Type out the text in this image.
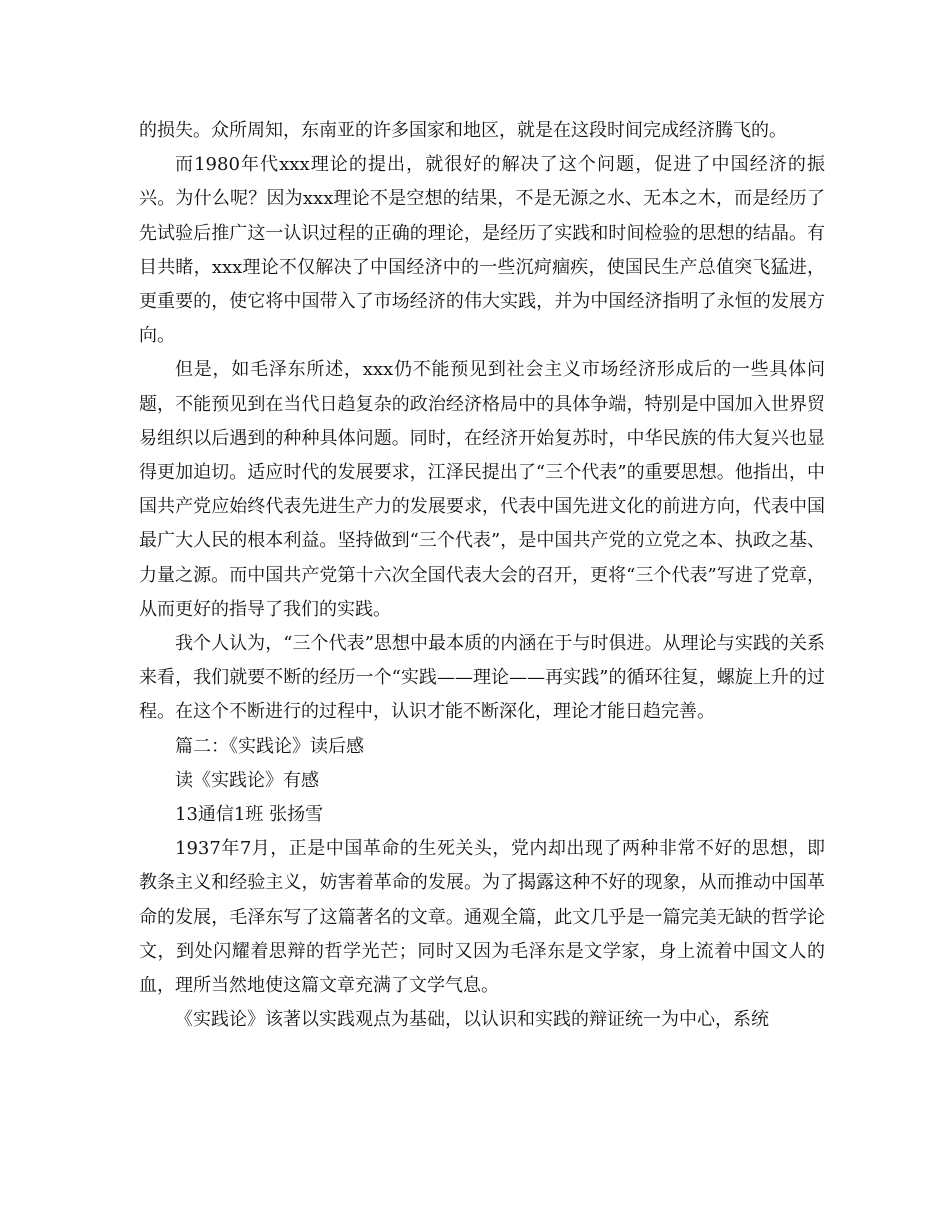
的损失。众所周知，东南亚的许多国家和地区，就是在这段时间完成经济腾飞的。

而1980年代xxx理论的提出，就很好的解决了这个问题，促进了中国经济的振兴。为什么呢？因为xxx理论不是空想的结果，不是无源之水、无本之木，而是经历了先试验后推广这一认识过程的正确的理论，是经历了实践和时间检验的思想的结晶。有目共睹，xxx理论不仅解决了中国经济中的一些沉疴痼疾，使国民生产总值突飞猛进，更重要的，使它将中国带入了市场经济的伟大实践，并为中国经济指明了永恒的发展方向。

但是，如毛泽东所述，xxx仍不能预见到社会主义市场经济形成后的一些具体问题，不能预见到在当代日趋复杂的政治经济格局中的具体争端，特别是中国加入世界贸易组织以后遇到的种种具体问题。同时，在经济开始复苏时，中华民族的伟大复兴也显得更加迫切。适应时代的发展要求，江泽民提出了“三个代表”的重要思想。他指出，中国共产党应始终代表先进生产力的发展要求，代表中国先进文化的前进方向，代表中国最广大人民的根本利益。坚持做到“三个代表”，是中国共产党的立党之本、执政之基、力量之源。而中国共产党第十六次全国代表大会的召开，更将“三个代表”写进了党章，从而更好的指导了我们的实践。

我个人认为，“三个代表”思想中最本质的内涵在于与时俱进。从理论与实践的关系来看，我们就要不断的经历一个“实践——理论——再实践”的循环往复，螺旋上升的过程。在这个不断进行的过程中，认识才能不断深化，理论才能日趋完善。

篇二：《实践论》读后感

读《实践论》有感

13通信1班 张扬雪

1937年7月，正是中国革命的生死关头，党内却出现了两种非常不好的思想，即教条主义和经验主义，妨害着革命的发展。为了揭露这种不好的现象，从而推动中国革命的发展，毛泽东写了这篇著名的文章。通观全篇，此文几乎是一篇完美无缺的哲学论文，到处闪耀着思辩的哲学光芒；同时又因为毛泽东是文学家，身上流着中国文人的血，理所当然地使这篇文章充满了文学气息。

《实践论》该著以实践观点为基础，以认识和实践的辩证统一为中心，系统
